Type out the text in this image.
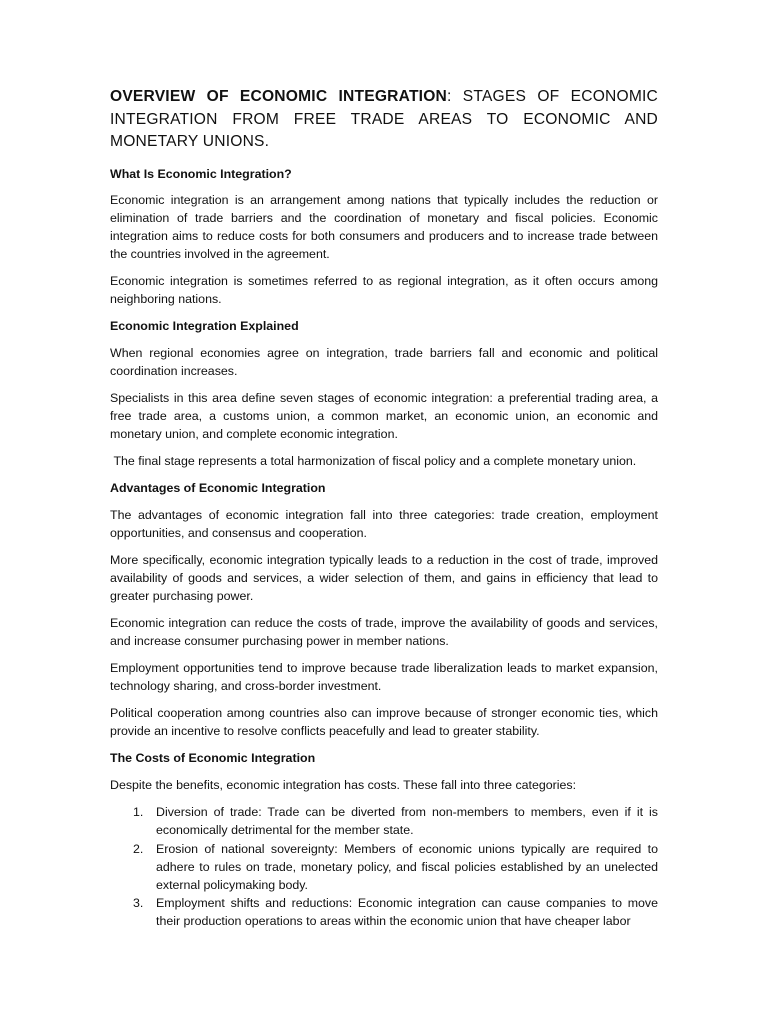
OVERVIEW OF ECONOMIC INTEGRATION: STAGES OF ECONOMIC INTEGRATION FROM FREE TRADE AREAS TO ECONOMIC AND MONETARY UNIONS.
What Is Economic Integration?

Economic integration is an arrangement among nations that typically includes the reduction or elimination of trade barriers and the coordination of monetary and fiscal policies. Economic integration aims to reduce costs for both consumers and producers and to increase trade between the countries involved in the agreement.

Economic integration is sometimes referred to as regional integration, as it often occurs among neighboring nations.

Economic Integration Explained

When regional economies agree on integration, trade barriers fall and economic and political coordination increases.

Specialists in this area define seven stages of economic integration: a preferential trading area, a free trade area, a customs union, a common market, an economic union, an economic and monetary union, and complete economic integration.

The final stage represents a total harmonization of fiscal policy and a complete monetary union.

Advantages of Economic Integration

The advantages of economic integration fall into three categories: trade creation, employment opportunities, and consensus and cooperation.

More specifically, economic integration typically leads to a reduction in the cost of trade, improved availability of goods and services, a wider selection of them, and gains in efficiency that lead to greater purchasing power.

Economic integration can reduce the costs of trade, improve the availability of goods and services, and increase consumer purchasing power in member nations.

Employment opportunities tend to improve because trade liberalization leads to market expansion, technology sharing, and cross-border investment.

Political cooperation among countries also can improve because of stronger economic ties, which provide an incentive to resolve conflicts peacefully and lead to greater stability.

The Costs of Economic Integration

Despite the benefits, economic integration has costs. These fall into three categories:

1.	Diversion of trade: Trade can be diverted from non-members to members, even if it is economically detrimental for the member state.
2.	Erosion of national sovereignty: Members of economic unions typically are required to adhere to rules on trade, monetary policy, and fiscal policies established by an unelected external policymaking body.
3.	Employment shifts and reductions: Economic integration can cause companies to move their production operations to areas within the economic union that have cheaper labor
